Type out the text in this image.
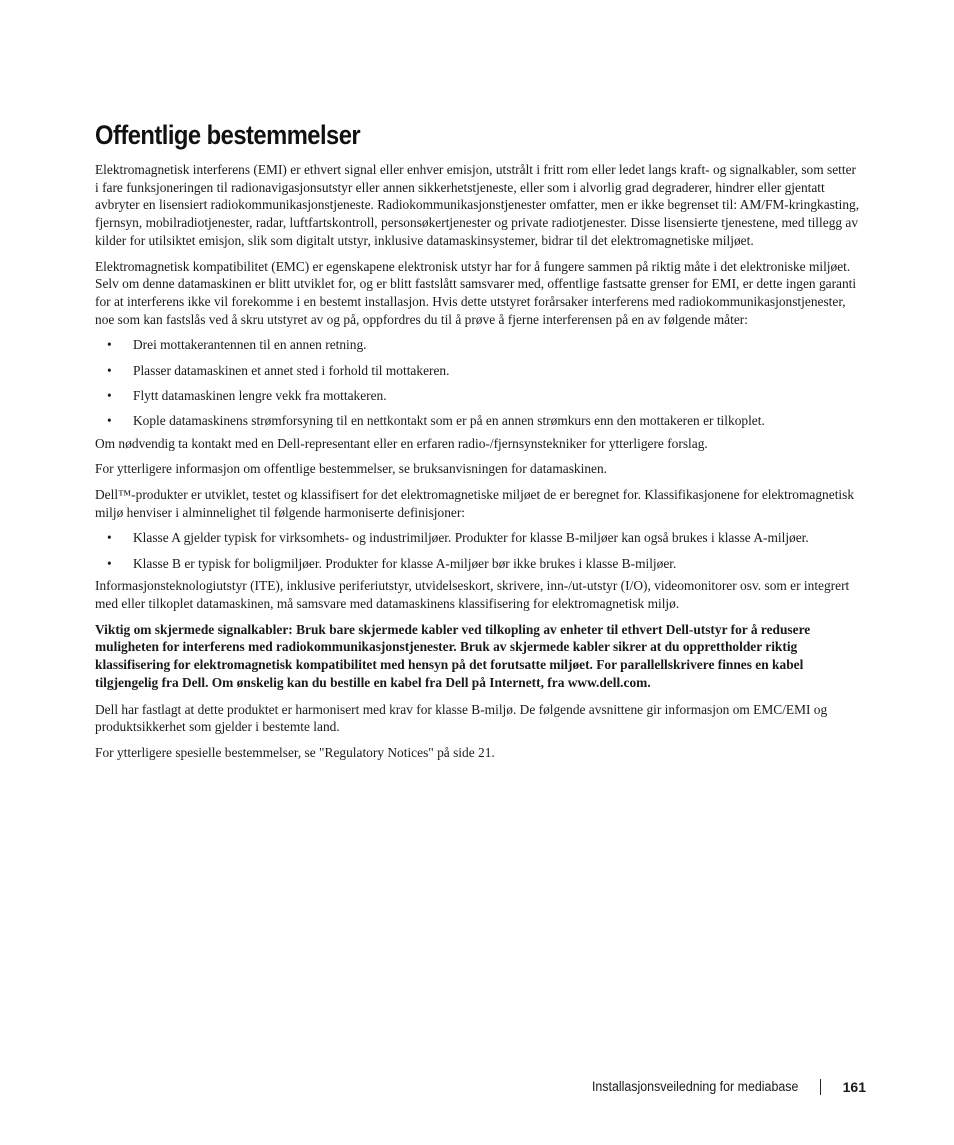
Offentlige bestemmelser

Elektromagnetisk interferens (EMI) er ethvert signal eller enhver emisjon, utstrålt i fritt rom eller ledet langs kraft- og signalkabler, som setter i fare funksjoneringen til radionavigasjonsutstyr eller annen sikkerhetstjeneste, eller som i alvorlig grad degraderer, hindrer eller gjentatt avbryter en lisensiert radiokommunikasjonstjeneste. Radiokommunikasjonstjenester omfatter, men er ikke begrenset til: AM/FM-kringkasting, fjernsyn, mobilradiotjenester, radar, luftfartskontroll, personsøkertjenester og private radiotjenester. Disse lisensierte tjenestene, med tillegg av kilder for utilsiktet emisjon, slik som digitalt utstyr, inklusive datamaskinsystemer, bidrar til det elektromagnetiske miljøet.

Elektromagnetisk kompatibilitet (EMC) er egenskapene elektronisk utstyr har for å fungere sammen på riktig måte i det elektroniske miljøet. Selv om denne datamaskinen er blitt utviklet for, og er blitt fastslått samsvarer med, offentlige fastsatte grenser for EMI, er dette ingen garanti for at interferens ikke vil forekomme i en bestemt installasjon. Hvis dette utstyret forårsaker interferens med radiokommunikasjonstjenester, noe som kan fastslås ved å skru utstyret av og på, oppfordres du til å prøve å fjerne interferensen på en av følgende måter:

• Drei mottakerantennen til en annen retning.
• Plasser datamaskinen et annet sted i forhold til mottakeren.
• Flytt datamaskinen lengre vekk fra mottakeren.
• Kople datamaskinens strømforsyning til en nettkontakt som er på en annen strømkurs enn den mottakeren er tilkoplet.

Om nødvendig ta kontakt med en Dell-representant eller en erfaren radio-/fjernsynstekniker for ytterligere forslag.

For ytterligere informasjon om offentlige bestemmelser, se bruksanvisningen for datamaskinen.

Dell™-produkter er utviklet, testet og klassifisert for det elektromagnetiske miljøet de er beregnet for. Klassifikasjonene for elektromagnetisk miljø henviser i alminnelighet til følgende harmoniserte definisjoner:

• Klasse A gjelder typisk for virksomhets- og industrimiljøer. Produkter for klasse B-miljøer kan også brukes i klasse A-miljøer.
• Klasse B er typisk for boligmiljøer. Produkter for klasse A-miljøer bør ikke brukes i klasse B-miljøer.

Informasjonsteknologiutstyr (ITE), inklusive periferiutstyr, utvidelseskort, skrivere, inn-/ut-utstyr (I/O), videomonitorer osv. som er integrert med eller tilkoplet datamaskinen, må samsvare med datamaskinens klassifisering for elektromagnetisk miljø.

Viktig om skjermede signalkabler: Bruk bare skjermede kabler ved tilkopling av enheter til ethvert Dell-utstyr for å redusere muligheten for interferens med radiokommunikasjonstjenester. Bruk av skjermede kabler sikrer at du opprettholder riktig klassifisering for elektromagnetisk kompatibilitet med hensyn på det forutsatte miljøet. For parallellskrivere finnes en kabel tilgjengelig fra Dell. Om ønskelig kan du bestille en kabel fra Dell på Internett, fra www.dell.com.

Dell har fastlagt at dette produktet er harmonisert med krav for klasse B-miljø. De følgende avsnittene gir informasjon om EMC/EMI og produktsikkerhet som gjelder i bestemte land.

For ytterligere spesielle bestemmelser, se "Regulatory Notices" på side 21.

Installasjonsveiledning for mediabase	161
